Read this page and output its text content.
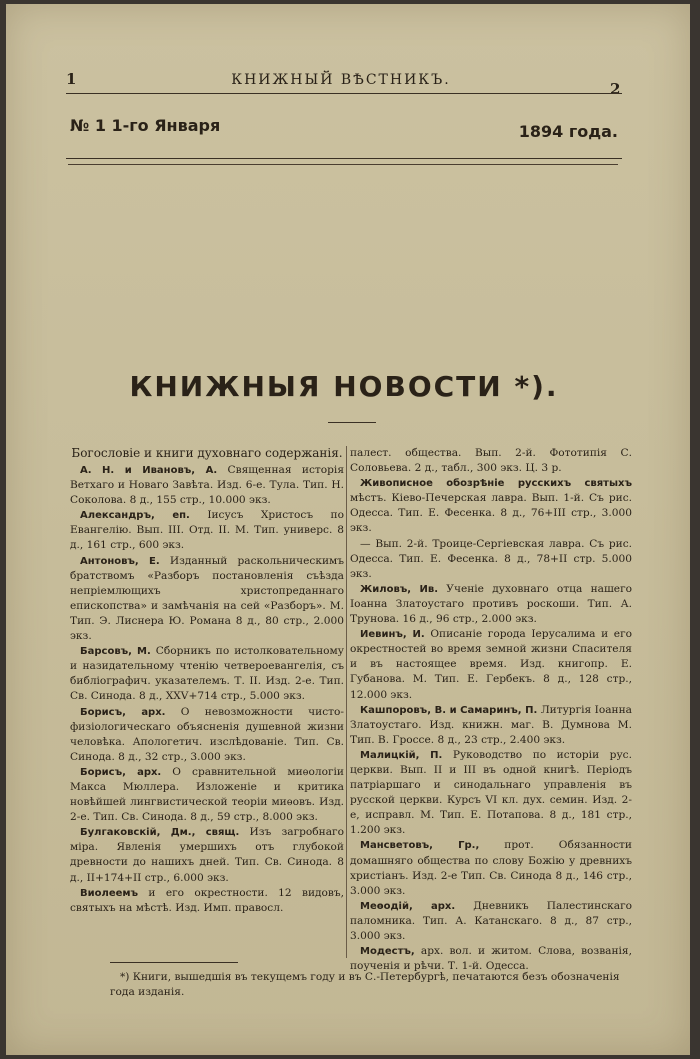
1	КНИЖНЫЙ ВѢСТНИКЪ.	2
№ 1 1-го Января	1894 года.
КНИЖНЫЯ НОВОСТИ *).
Богословіе и книги духовнаго содержанія.

А. Н. и Ивановъ, А. Священная исторія Ветхаго и Новаго Завѣта. Изд. 6-е. Тула. Тип. Н. Соколова. 8 д., 155 стр., 10.000 экз.

Александръ, еп. Іисусъ Христосъ по Евангелію. Вып. III. Отд. II. М. Тип. универс. 8 д., 161 стр., 600 экз.

Антоновъ, Е. Изданный раскольническимъ братствомъ «Разборъ постановленія съѣзда непріемлющихъ христопреданнаго епископства» и замѣчанія на сей «Разборъ». М. Тип. Э. Лиснера Ю. Романа 8 д., 80 стр., 2.000 экз.

Барсовъ, М. Сборникъ по истолковательному и назидательному чтенію четвероевангелія, съ библіографич. указателемъ. Т. II. Изд. 2-е. Тип. Св. Синода. 8 д., XXV+714 стр., 5.000 экз.

Борисъ, арх. О невозможности чисто-физіологическаго объясненія душевной жизни человѣка. Апологетич. изслѣдованіе. Тип. Св. Синода. 8 д., 32 стр., 3.000 экз.

Борисъ, арх. О сравнительной миѳологіи Макса Мюллера. Изложеніе и критика новѣйшей лингвистической теоріи миѳовъ. Изд. 2-е. Тип. Св. Синода. 8 д., 59 стр., 8.000 экз.

Булгаковскій, Дм., свящ. Изъ загробнаго міра. Явленія умершихъ отъ глубокой древности до нашихъ дней. Тип. Св. Синода. 8 д., II+174+II стр., 6.000 экз.

Виолеемъ и его окрестности. 12 видовъ, святыхъ на мѣстѣ. Изд. Имп. правосл.

палест. общества. Вып. 2-й. Фототипія С. Соловьева. 2 д., табл., 300 экз. Ц. 3 р.

Живописное обозрѣніе русскихъ святыхъ мѣстъ. Кіево-Печерская лавра. Вып. 1-й. Съ рис. Одесса. Тип. Е. Фесенка. 8 д., 76+III стр., 3.000 экз.

— Вып. 2-й. Троице-Сергіевская лавра. Съ рис. Одесса. Тип. Е. Фесенка. 8 д., 78+II стр. 5.000 экз.

Жиловъ, Ив. Ученіе духовнаго отца нашего Іоанна Златоустаго противъ роскоши. Тип. А. Трунова. 16 д., 96 стр., 2.000 экз.

Иевинъ, И. Описаніе города Іерусалима и его окрестностей во время земной жизни Спасителя и въ настоящее время. Изд. книгопр. Е. Губанова. М. Тип. Е. Гербекъ. 8 д., 128 стр., 12.000 экз.

Кашпоровъ, В. и Самаринъ, П. Литургія Іоанна Златоустаго. Изд. книжн. маг. В. Думнова М. Тип. В. Гроссе. 8 д., 23 стр., 2.400 экз.

Малицкій, П. Руководство по исторіи рус. церкви. Вып. II и III въ одной книгѣ. Періодъ патріаршаго и синодальнаго управленія въ русской церкви. Курсъ VI кл. дух. семин. Изд. 2-е, исправл. М. Тип. Е. Потапова. 8 д., 181 стр., 1.200 экз.

Мансветовъ, Гр., прот. Обязанности домашняго общества по слову Божію у древнихъ христіанъ. Изд. 2-е Тип. Св. Синода 8 д., 146 стр., 3.000 экз.

Меѳодій, арх. Дневникъ Палестинскаго паломника. Тип. А. Катанскаго. 8 д., 87 стр., 3.000 экз.

Модестъ, арх. вол. и житом. Слова, возванія, поученія и рѣчи. Т. 1-й. Одесса.

*) Книги, вышедшія въ текущемъ году и въ С.-Петербургѣ, печатаются безъ обозначенія года изданія.
